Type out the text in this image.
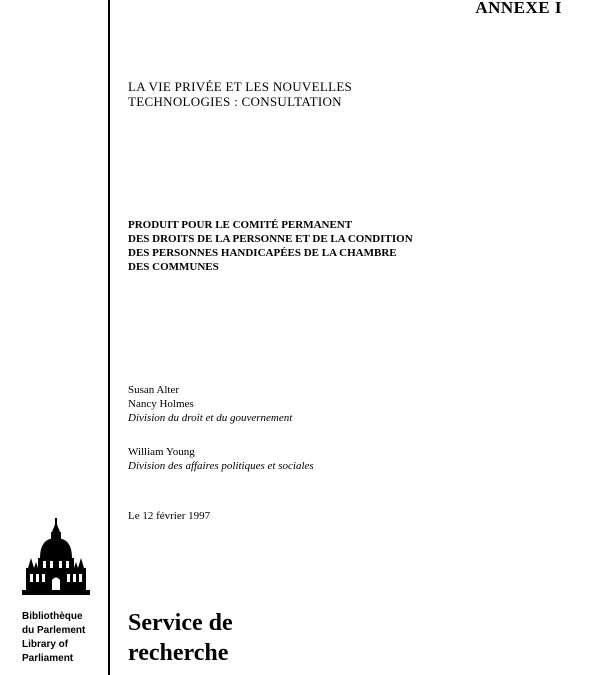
ANNEXE I
LA VIE PRIVÉE ET LES NOUVELLES
TECHNOLOGIES : CONSULTATION
PRODUIT POUR LE COMITÉ PERMANENT
DES DROITS DE LA PERSONNE ET DE LA CONDITION
DES PERSONNES HANDICAPÉES DE LA CHAMBRE
DES COMMUNES
Susan Alter
Nancy Holmes
Division du droit et du gouvernement
William Young
Division des affaires politiques et sociales
Le 12 février 1997
Bibliothèque
du Parlement
Library of
Parliament
Service de
recherche
